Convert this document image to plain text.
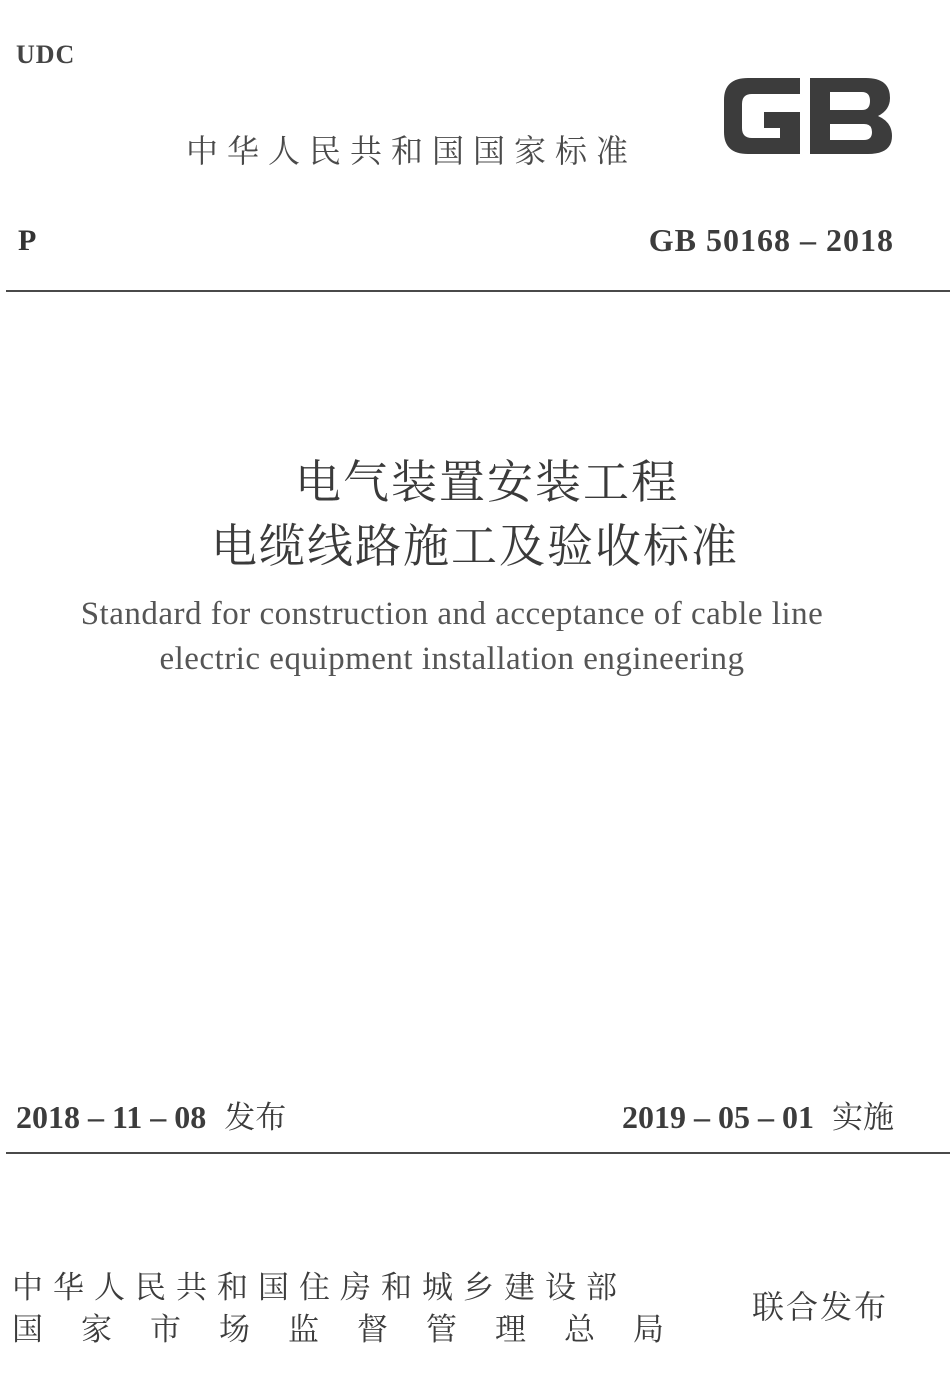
UDC
中华人民共和国国家标准
P	GB 50168 – 2018
电气装置安装工程
电缆线路施工及验收标准
Standard for construction and acceptance of cable line
electric equipment installation engineering
2018 – 11 – 08 发布	2019 – 05 – 01 实施
中华人民共和国住房和城乡建设部
国家市场监督管理总局
联合发布
